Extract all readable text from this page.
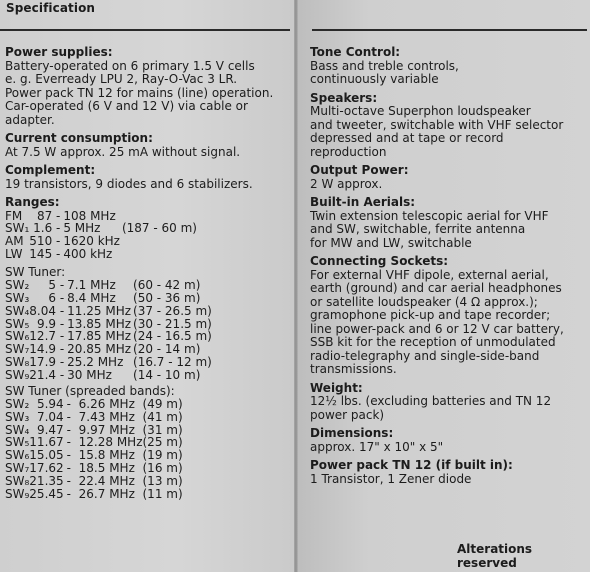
Specification

Power supplies:

Battery-operated on 6 primary 1.5 V cells

e. g. Everready LPU 2, Ray-O-Vac 3 LR.

Power pack TN 12 for mains (line) operation.

Car-operated (6 V and 12 V) via cable or

adapter.

Current consumption:

At 7.5 W approx. 25 mA without signal.

Complement:

19 transistors, 9 diodes and 6 stabilizers.

Ranges:

FM	87 -	108 MHz	
SW₁	1.6 -	5 MHz	(187 - 60 m)
AM	510 -	1620 kHz	
LW	145 -	400 kHz	

SW Tuner:

SW₂	5 -	7.1 MHz	(60 - 42 m)
SW₃	6 -	8.4 MHz	(50 - 36 m)
SW₄	8.04 -	11.25 MHz	(37 - 26.5 m)
SW₅	9.9 -	13.85 MHz	(30 - 21.5 m)
SW₆	12.7 -	17.85 MHz	(24 - 16.5 m)
SW₇	14.9 -	20.85 MHz	(20 - 14 m)
SW₈	17.9 -	25.2 MHz	(16.7 - 12 m)
SW₉	21.4 -	30 MHz	(14 - 10 m)

SW Tuner (spreaded bands):

SW₂	5.94	-	6.26 MHz	(49 m)
SW₃	7.04	-	7.43 MHz	(41 m)
SW₄	9.47	-	9.97 MHz	(31 m)
SW₅	11.67	-	12.28 MHz	(25 m)
SW₆	15.05	-	15.8 MHz	(19 m)
SW₇	17.62	-	18.5 MHz	(16 m)
SW₈	21.35	-	22.4 MHz	(13 m)
SW₉	25.45	-	26.7 MHz	(11 m)

Tone Control:

Bass and treble controls,

continuously variable

Speakers:

Multi-octave Superphon loudspeaker

and tweeter, switchable with VHF selector

depressed and at tape or record

reproduction

Output Power:

2 W approx.

Built-in Aerials:

Twin extension telescopic aerial for VHF

and SW, switchable, ferrite antenna

for MW and LW, switchable

Connecting Sockets:

For external VHF dipole, external aerial,

earth (ground) and car aerial headphones

or satellite loudspeaker (4 Ω approx.);

gramophone pick-up and tape recorder;

line power-pack and 6 or 12 V car battery,

SSB kit for the reception of unmodulated

radio-telegraphy and single-side-band

transmissions.

Weight:

12½ lbs. (excluding batteries and TN 12

power pack)

Dimensions:

approx. 17" x 10" x 5"

Power pack TN 12 (if built in):

1 Transistor, 1 Zener diode

Alterations reserved
